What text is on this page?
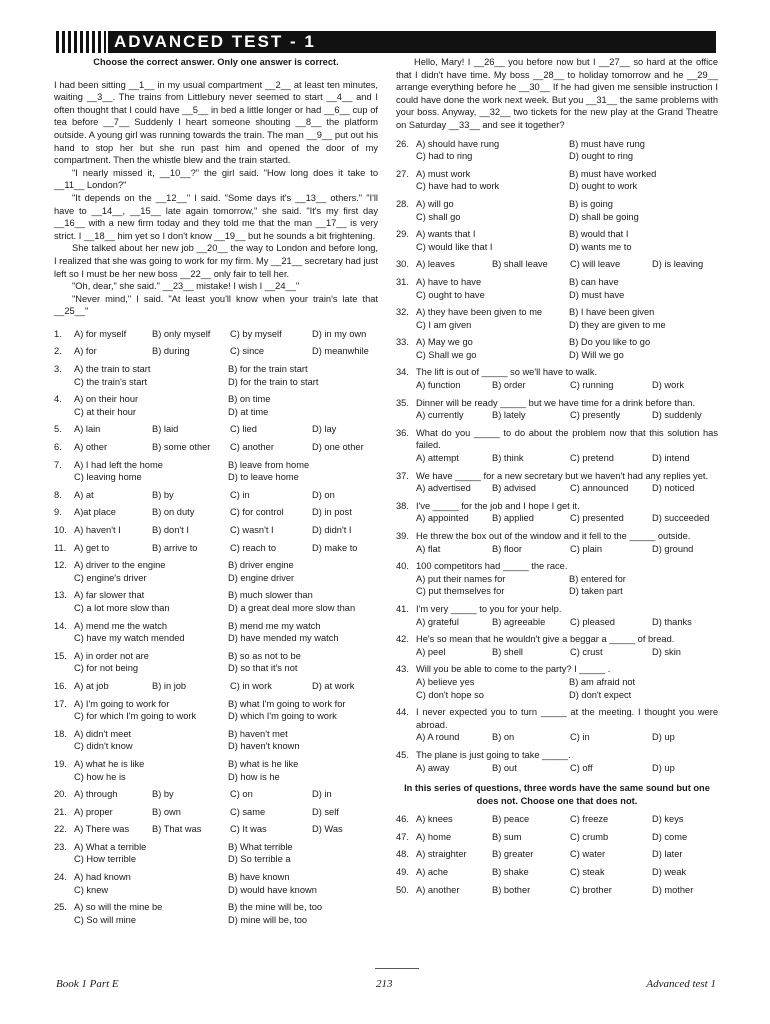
ADVANCED TEST - 1
Choose the correct answer. Only one answer is correct.

I had been sitting __1__ in my usual compartment __2__ at least ten minutes, waiting __3__. The trains from Littlebury never seemed to start __4__ and I often thought that I could have __5__ in bed a little longer or had __6__ cup of tea before __7__ Suddenly I heart someone shouting __8__ the platform outside. A young girl was running towards the train. The man __9__ put out his hand to stop her but she run past him and opened the door of my compartment. Then the whistle blew and the train started.

"I nearly missed it, __10__?" the girl said. "How long does it take to __11__ London?"

"It depends on the __12__" I said. "Some days it's __13__ others." "I'll have to __14__, __15__ late again tomorrow," she said. "It's my first day __16__ with a new firm today and they told me that the man __17__ is very strict. I __18__ him yet so I don't know __19__ but he sounds a bit frightening.

She talked about her new job __20__ the way to London and before long, I realized that she was going to work for my firm. My __21__ secretary had just left so I must be her new boss __22__ only fair to tell her.

"Oh, dear," she said." __23__ mistake! I wish I __24__"

"Never mind," I said. "At least you'll know when your train's late that __25__"

1.	A) for myself	B) only myself	C) by myself	D) in my own
2.	A) for	B) during	C) since	D) meanwhile
3.	A) the train to start	B) for the train start
C) the train's start	D) for the train to start
4.	A) on their hour	B) on time
C) at their hour	D) at time
5.	A) lain	B) laid	C) lied	D) lay
6.	A) other	B) some other	C) another	D) one other
7.	A) I had left the home	B) leave from home
C) leaving home	D) to leave home
8.	A) at	B) by	C) in	D) on
9.	A)at place	B) on duty	C) for control	D) in post
10. A) haven't I	B) don't I	C) wasn't I	D) didn't I
11. A) get to	B) arrive to	C) reach to	D) make to
12. A) driver to the engine	B) driver engine
C) engine's driver	D) engine driver
13. A) far slower that	B) much slower than
C) a lot more slow than	D) a great deal more slow than
14. A) mend me the watch	B) mend me my watch
C) have my watch mended	D) have mended my watch
15. A) in order not are	B) so as not to be
C) for not being	D) so that it's not
16. A) at job	B) in job	C) in work	D) at work
17. A) I'm going to work for	B) what I'm going to work for
C) for which I'm going to work	D) which I'm going to work
18. A) didn't meet	B) haven't met
C) didn't know	D) haven't known
19. A) what he is like	B) what is he like
C) how he is	D) how is he
20. A) through	B) by	C) on	D) in
21. A) proper	B) own	C) same	D) self
22. A) There was	B) That was	C) It was	D) Was
23. A) What a terrible	B) What terrible
C) How terrible	D) So terrible a
24. A) had known	B) have known
C) knew	D) would have known
25. A) so will the mine be	B) the mine will be, too
C) So will mine	D) mine will be, too

Hello, Mary! I __26__ you before now but I __27__ so hard at the office that I didn't have time. My boss __28__ to holiday tomorrow and he __29__ arrange everything before he __30__ If he had given me sensible instruction I could have done the work next week. But you __31__ the same problems with your boss. Anyway, __32__ two tickets for the new play at the Grand Theatre on Saturday __33__ and see it together?

26. A) should have rung	B) must have rung
C) had to ring	D) ought to ring
27. A) must work	B) must have worked
C) have had to work	D) ought to work
28. A) will go	B) is going
C) shall go	D) shall be going
29. A) wants that I	B) would that I
C) would like that I	D) wants me to
30. A) leaves	B) shall leave	C) will leave	D) is leaving
31. A) have to have	B) can have
C) ought to have	D) must have
32. A) they have been given to me	B) I have been given
C) I am given	D) they are given to me
33. A) May we go	B) Do you like to go
C) Shall we go	D) Will we go
34. The lift is out of _____ so we'll have to walk.
A) function	B) order	C) running	D) work
35. Dinner will be ready _____ but we have time for a drink before than.
A) currently	B) lately	C) presently	D) suddenly
36. What do you _____ to do about the problem now that this solution has failed.
A) attempt	B) think	C) pretend	D) intend
37. We have _____ for a new secretary but we haven't had any replies yet.
A) advertised	B) advised	C) announced	D) noticed
38. I've _____ for the job and I hope I get it.
A) appointed	B) applied	C) presented	D) succeeded
39. He threw the box out of the window and it fell to the _____ outside.
A) flat	B) floor	C) plain	D) ground
40. 100 competitors had _____ the race.
A) put their names for	B) entered for
C) put themselves for	D) taken part
41. I'm very _____ to you for your help.
A) grateful	B) agreeable	C) pleased	D) thanks
42. He's so mean that he wouldn't give a beggar a _____ of bread.
A) peel	B) shell	C) crust	D) skin
43. Will you be able to come to the party? I _____ .
A) believe yes	B) am afraid not
C) don't hope so	D) don't expect
44. I never expected you to turn _____ at the meeting. I thought you were abroad.
A) A round	B) on	C) in	D) up
45. The plane is just going to take _____.
A) away	B) out	C) off	D) up
In this series of questions, three words have the same sound but one does not. Choose one that does not.
46. A) knees	B) peace	C) freeze	D) keys
47. A) home	B) sum	C) crumb	D) come
48. A) straighter	B) greater	C) water	D) later
49. A) ache	B) shake	C) steak	D) weak
50. A) another	B) bother	C) brother	D) mother
Book 1 Part E	213	Advanced test 1
